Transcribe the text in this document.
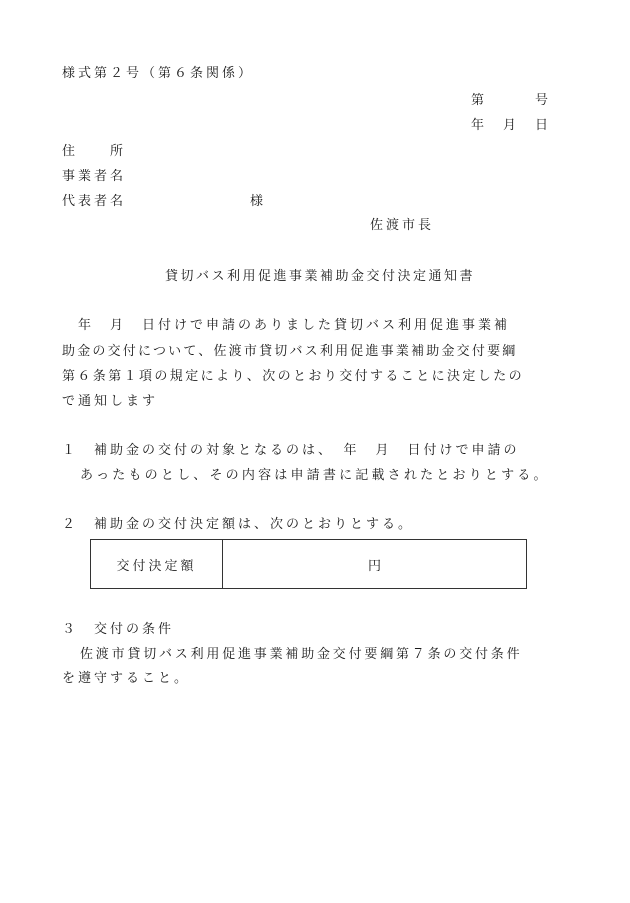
様式第２号（第６条関係）
第　　　号
年　月　日
住　　所
事業者名
代表者名	様
佐渡市長
貸切バス利用促進事業補助金交付決定通知書
　年　月　日付けで申請のありました貸切バス利用促進事業補
助金の交付について、佐渡市貸切バス利用促進事業補助金交付要綱
第６条第１項の規定により、次のとおり交付することに決定したの
で通知します
１　補助金の交付の対象となるのは、　年　月　日付けで申請の
あったものとし、その内容は申請書に記載されたとおりとする。
２　補助金の交付決定額は、次のとおりとする。
交付決定額	円
３　交付の条件
佐渡市貸切バス利用促進事業補助金交付要綱第７条の交付条件
を遵守すること。
